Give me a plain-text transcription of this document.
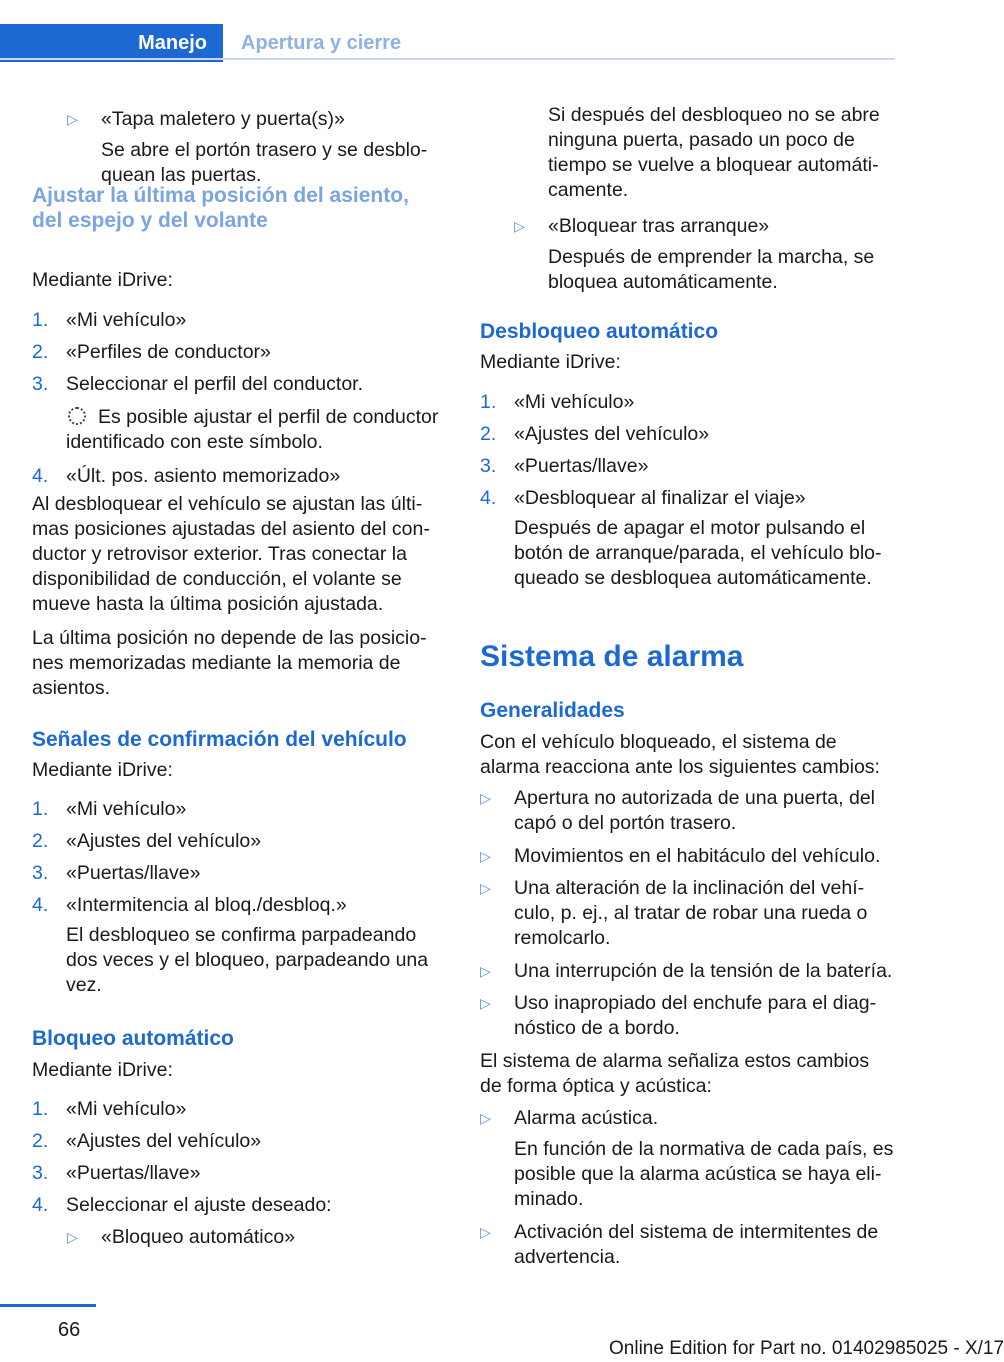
Manejo	Apertura y cierre
▷ «Tapa maletero y puerta(s)»

Se abre el portón trasero y se desblo‐
quean las puertas.

Ajustar la última posición del asiento,
del espejo y del volante

Mediante iDrive:

1. «Mi vehículo»
2. «Perfiles de conductor»
3. Seleccionar el perfil del conductor.
Es posible ajustar el perfil de conductor
identificado con este símbolo.
4. «Últ. pos. asiento memorizado»

Al desbloquear el vehículo se ajustan las últi‐
mas posiciones ajustadas del asiento del con‐
ductor y retrovisor exterior. Tras conectar la
disponibilidad de conducción, el volante se
mueve hasta la última posición ajustada.

La última posición no depende de las posicio‐
nes memorizadas mediante la memoria de
asientos.

Señales de confirmación del vehículo

Mediante iDrive:

1. «Mi vehículo»
2. «Ajustes del vehículo»
3. «Puertas/llave»
4. «Intermitencia al bloq./desbloq.»
El desbloqueo se confirma parpadeando
dos veces y el bloqueo, parpadeando una
vez.
Bloqueo automático

Mediante iDrive:

1. «Mi vehículo»
2. «Ajustes del vehículo»
3. «Puertas/llave»
4. Seleccionar el ajuste deseado:
▷ «Bloqueo automático»

Si después del desbloqueo no se abre
ninguna puerta, pasado un poco de
tiempo se vuelve a bloquear automáti‐
camente.

▷ «Bloquear tras arranque»

Después de emprender la marcha, se
bloquea automáticamente.

Desbloqueo automático

Mediante iDrive:

1. «Mi vehículo»
2. «Ajustes del vehículo»
3. «Puertas/llave»
4. «Desbloquear al finalizar el viaje»
Después de apagar el motor pulsando el
botón de arranque/parada, el vehículo blo‐
queado se desbloquea automáticamente.
Sistema de alarma
Generalidades

Con el vehículo bloqueado, el sistema de
alarma reacciona ante los siguientes cambios:

▷ Apertura no autorizada de una puerta, del
capó o del portón trasero.
▷ Movimientos en el habitáculo del vehículo.
▷ Una alteración de la inclinación del vehí‐
culo, p. ej., al tratar de robar una rueda o
remolcarlo.
▷ Una interrupción de la tensión de la batería.
▷ Uso inapropiado del enchufe para el diag‐
nóstico de a bordo.

El sistema de alarma señaliza estos cambios
de forma óptica y acústica:

▷ Alarma acústica.

En función de la normativa de cada país, es
posible que la alarma acústica se haya eli‐
minado.

▷ Activación del sistema de intermitentes de
advertencia.
66
Online Edition for Part no. 01402985025 - X/17
